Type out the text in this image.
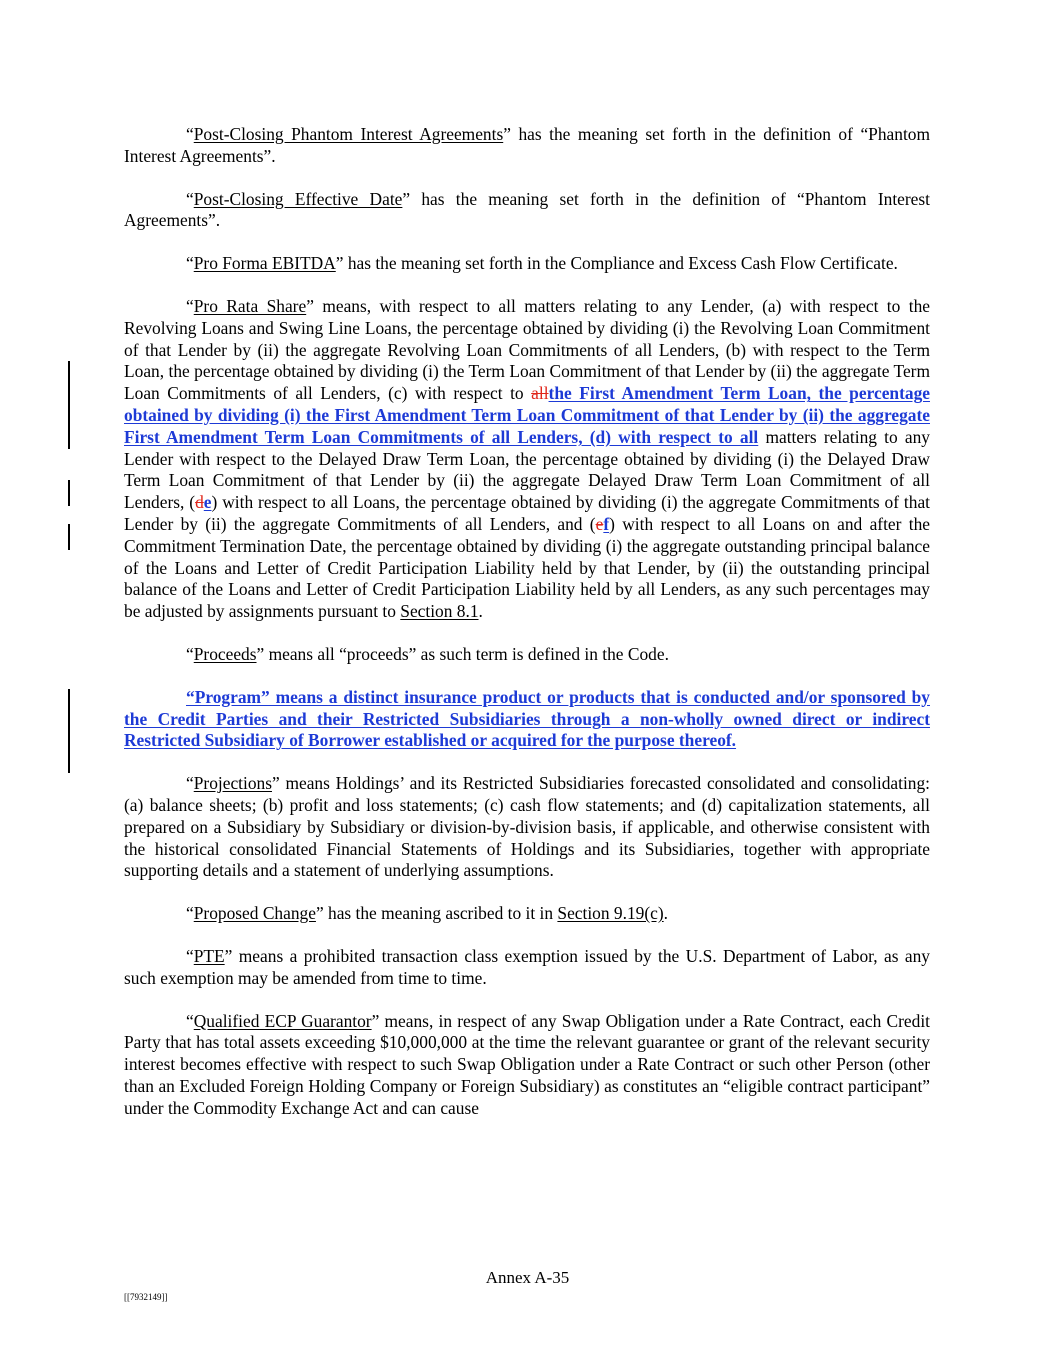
“Post-Closing Phantom Interest Agreements” has the meaning set forth in the definition of “Phantom Interest Agreements”.

“Post-Closing Effective Date” has the meaning set forth in the definition of “Phantom Interest Agreements”.

“Pro Forma EBITDA” has the meaning set forth in the Compliance and Excess Cash Flow Certificate.

“Pro Rata Share” means, with respect to all matters relating to any Lender, (a) with respect to the Revolving Loans and Swing Line Loans, the percentage obtained by dividing (i) the Revolving Loan Commitment of that Lender by (ii) the aggregate Revolving Loan Commitments of all Lenders, (b) with respect to the Term Loan, the percentage obtained by dividing (i) the Term Loan Commitment of that Lender by (ii) the aggregate Term Loan Commitments of all Lenders, (c) with respect to allthe First Amendment Term Loan, the percentage obtained by dividing (i) the First Amendment Term Loan Commitment of that Lender by (ii) the aggregate First Amendment Term Loan Commitments of all Lenders, (d) with respect to all matters relating to any Lender with respect to the Delayed Draw Term Loan, the percentage obtained by dividing (i) the Delayed Draw Term Loan Commitment of that Lender by (ii) the aggregate Delayed Draw Term Loan Commitment of all Lenders, (de) with respect to all Loans, the percentage obtained by dividing (i) the aggregate Commitments of that Lender by (ii) the aggregate Commitments of all Lenders, and (ef) with respect to all Loans on and after the Commitment Termination Date, the percentage obtained by dividing (i) the aggregate outstanding principal balance of the Loans and Letter of Credit Participation Liability held by that Lender, by (ii) the outstanding principal balance of the Loans and Letter of Credit Participation Liability held by all Lenders, as any such percentages may be adjusted by assignments pursuant to Section 8.1.

“Proceeds” means all “proceeds” as such term is defined in the Code.

“Program” means a distinct insurance product or products that is conducted and/or sponsored by the Credit Parties and their Restricted Subsidiaries through a non-wholly owned direct or indirect Restricted Subsidiary of Borrower established or acquired for the purpose thereof.

“Projections” means Holdings’ and its Restricted Subsidiaries forecasted consolidated and consolidating: (a) balance sheets; (b) profit and loss statements; (c) cash flow statements; and (d) capitalization statements, all prepared on a Subsidiary by Subsidiary or division-by-division basis, if applicable, and otherwise consistent with the historical consolidated Financial Statements of Holdings and its Subsidiaries, together with appropriate supporting details and a statement of underlying assumptions.

“Proposed Change” has the meaning ascribed to it in Section 9.19(c).

“PTE” means a prohibited transaction class exemption issued by the U.S. Department of Labor, as any such exemption may be amended from time to time.

“Qualified ECP Guarantor” means, in respect of any Swap Obligation under a Rate Contract, each Credit Party that has total assets exceeding $10,000,000 at the time the relevant guarantee or grant of the relevant security interest becomes effective with respect to such Swap Obligation under a Rate Contract or such other Person (other than an Excluded Foreign Holding Company or Foreign Subsidiary) as constitutes an “eligible contract participant” under the Commodity Exchange Act and can cause

Annex A-35
[[7932149]]
